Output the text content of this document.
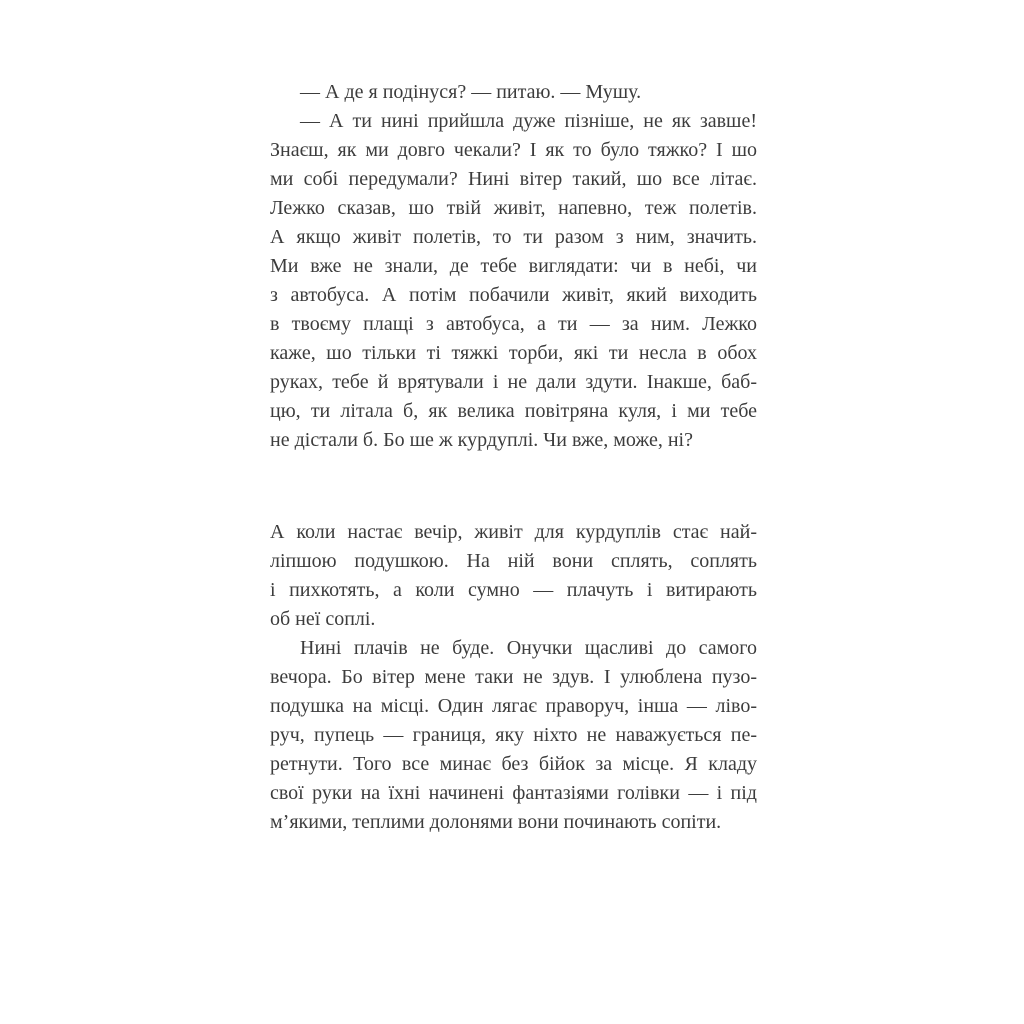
— А де я подінуся? — питаю. — Мушу.
— А ти нині прийшла дуже пізніше, не як завше!
Знаєш, як ми довго чекали? І як то було тяжко? І шо
ми собі передумали? Нині вітер такий, шо все літає.
Лежко сказав, шо твій живіт, напевно, теж полетів.
А якщо живіт полетів, то ти разом з ним, значить.
Ми вже не знали, де тебе виглядати: чи в небі, чи
з автобуса. А потім побачили живіт, який виходить
в твоєму плащі з автобуса, а ти — за ним. Лежко
каже, шо тільки ті тяжкі торби, які ти несла в обох
руках, тебе й врятували і не дали здути. Інакше, баб-
цю, ти літала б, як велика повітряна куля, і ми тебе
не дістали б. Бо ше ж курдуплі. Чи вже, може, ні?
А коли настає вечір, живіт для курдуплів стає най-
ліпшою подушкою. На ній вони сплять, соплять
і пихкотять, а коли сумно — плачуть і витирають
об неї соплі.
Нині плачів не буде. Онучки щасливі до самого
вечора. Бо вітер мене таки не здув. І улюблена пузо-
подушка на місці. Один лягає праворуч, інша — ліво-
руч, пупець — границя, яку ніхто не наважується пе-
ретнути. Того все минає без бійок за місце. Я кладу
свої руки на їхні начинені фантазіями голівки — і під
м’якими, теплими долонями вони починають сопіти.
